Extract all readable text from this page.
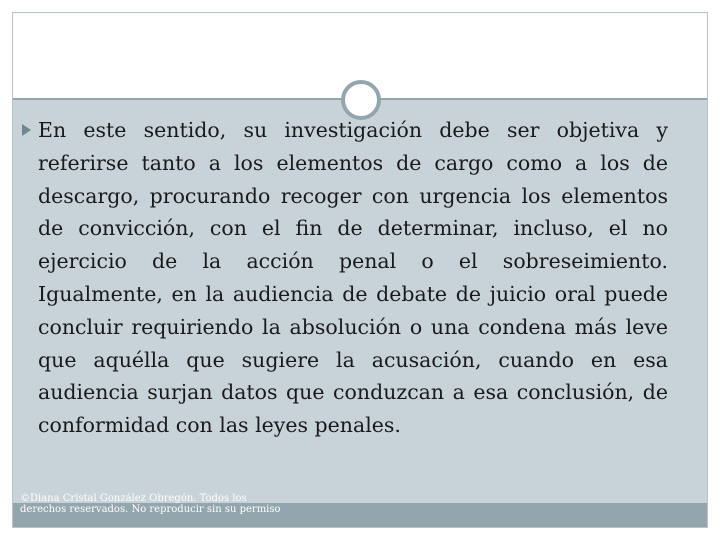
En este sentido, su investigación debe ser objetiva y referirse tanto a los elementos de cargo como a los de descargo, procurando recoger con urgencia los elementos de convicción, con el fin de determinar, incluso, el no ejercicio de la acción penal o el sobreseimiento. Igualmente, en la audiencia de debate de juicio oral puede concluir requiriendo la absolución o una condena más leve que aquélla que sugiere la acusación, cuando en esa audiencia surjan datos que conduzcan a esa conclusión, de conformidad con las leyes penales.

©Diana Cristal González Obregón. Todos los derechos reservados. No reproducir sin su permiso
